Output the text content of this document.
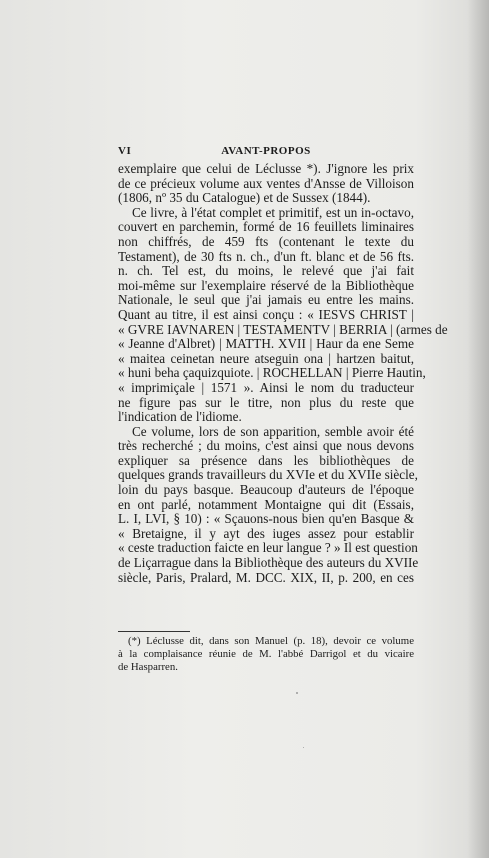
VI	AVANT-PROPOS
exemplaire que celui de Léclusse *). J'ignore les prix
de ce précieux volume aux ventes d'Ansse de Villoison
(1806, nº 35 du Catalogue) et de Sussex (1844).
Ce livre, à l'état complet et primitif, est un in-octavo,
couvert en parchemin, formé de 16 feuillets liminaires
non chiffrés, de 459 fts (contenant le texte du
Testament), de 30 fts n. ch., d'un ft. blanc et de 56 fts.
n. ch. Tel est, du moins, le relevé que j'ai fait
moi-même sur l'exemplaire réservé de la Bibliothèque
Nationale, le seul que j'ai jamais eu entre les mains.
Quant au titre, il est ainsi conçu : « IESVS CHRIST |
« GVRE IAVNAREN | TESTAMENTV | BERRIA | (armes de
« Jeanne d'Albret) | MATTH. XVII | Haur da ene Seme
« maitea ceinetan neure atseguin ona | hartzen baitut,
« huni beha çaquizquiote. | ROCHELLAN | Pierre Hautin,
« imprimiçale | 1571 ». Ainsi le nom du traducteur
ne figure pas sur le titre, non plus du reste que
l'indication de l'idiome.
Ce volume, lors de son apparition, semble avoir été
très recherché ; du moins, c'est ainsi que nous devons
expliquer sa présence dans les bibliothèques de
quelques grands travailleurs du XVIe et du XVIIe siècle,
loin du pays basque. Beaucoup d'auteurs de l'époque
en ont parlé, notamment Montaigne qui dit (Essais,
L. I, LVI, § 10) : « Sçauons-nous bien qu'en Basque &
« Bretaigne, il y ayt des iuges assez pour establir
« ceste traduction faicte en leur langue ? » Il est question
de Liçarrague dans la Bibliothèque des auteurs du XVIIe
siècle, Paris, Pralard, M. DCC. XIX, II, p. 200, en ces
(*) Léclusse dit, dans son Manuel (p. 18), devoir ce volume
à la complaisance réunie de M. l'abbé Darrigol et du vicaire
de Hasparren.
